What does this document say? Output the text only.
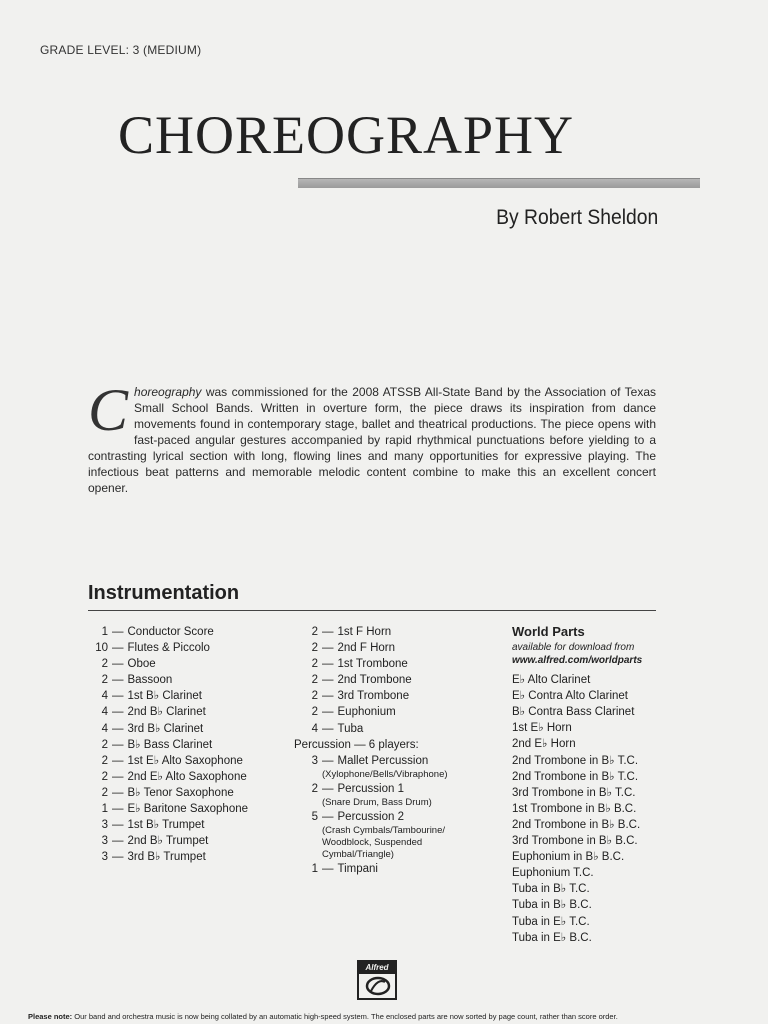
GRADE LEVEL: 3 (MEDIUM)
CHOREOGRAPHY
By Robert Sheldon
Choreography was commissioned for the 2008 ATSSB All-State Band by the Association of Texas Small School Bands. Written in overture form, the piece draws its inspiration from dance movements found in contemporary stage, ballet and theatrical productions. The piece opens with fast-paced angular gestures accompanied by rapid rhythmical punctuations before yielding to a contrasting lyrical section with long, flowing lines and many opportunities for expressive playing. The infectious beat patterns and memorable melodic content combine to make this an excellent concert opener.
Instrumentation
1 — Conductor Score
10 — Flutes & Piccolo
2 — Oboe
2 — Bassoon
4 — 1st B♭ Clarinet
4 — 2nd B♭ Clarinet
4 — 3rd B♭ Clarinet
2 — B♭ Bass Clarinet
2 — 1st E♭ Alto Saxophone
2 — 2nd E♭ Alto Saxophone
2 — B♭ Tenor Saxophone
1 — E♭ Baritone Saxophone
3 — 1st B♭ Trumpet
3 — 2nd B♭ Trumpet
3 — 3rd B♭ Trumpet
2 — 1st F Horn
2 — 2nd F Horn
2 — 1st Trombone
2 — 2nd Trombone
2 — 3rd Trombone
2 — Euphonium
4 — Tuba
Percussion — 6 players:
3 — Mallet Percussion
(Xylophone/Bells/Vibraphone)
2 — Percussion 1
(Snare Drum, Bass Drum)
5 — Percussion 2
(Crash Cymbals/Tambourine/
Woodblock, Suspended
Cymbal/Triangle)
1 — Timpani
World Parts
available for download from
www.alfred.com/worldparts
E♭ Alto Clarinet
E♭ Contra Alto Clarinet
B♭ Contra Bass Clarinet
1st E♭ Horn
2nd E♭ Horn
2nd Trombone in B♭ T.C.
2nd Trombone in B♭ T.C.
3rd Trombone in B♭ T.C.
1st Trombone in B♭ B.C.
2nd Trombone in B♭ B.C.
3rd Trombone in B♭ B.C.
Euphonium in B♭ B.C.
Euphonium T.C.
Tuba in B♭ T.C.
Tuba in B♭ B.C.
Tuba in E♭ T.C.
Tuba in E♭ B.C.
Alfred
Please note: Our band and orchestra music is now being collated by an automatic high-speed system. The enclosed parts are now sorted by page count, rather than score order.
